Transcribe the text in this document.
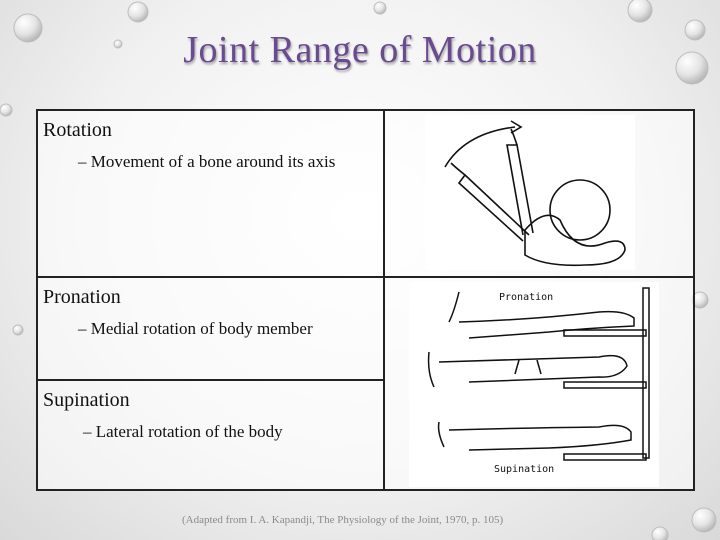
Joint Range of Motion
Rotation
– Movement of a bone around its axis
Pronation
– Medial rotation of body member
Supination
– Lateral rotation of the body
Pronation
Supination
(Adapted from I. A. Kapandji, The Physiology of the Joint, 1970, p. 105)
